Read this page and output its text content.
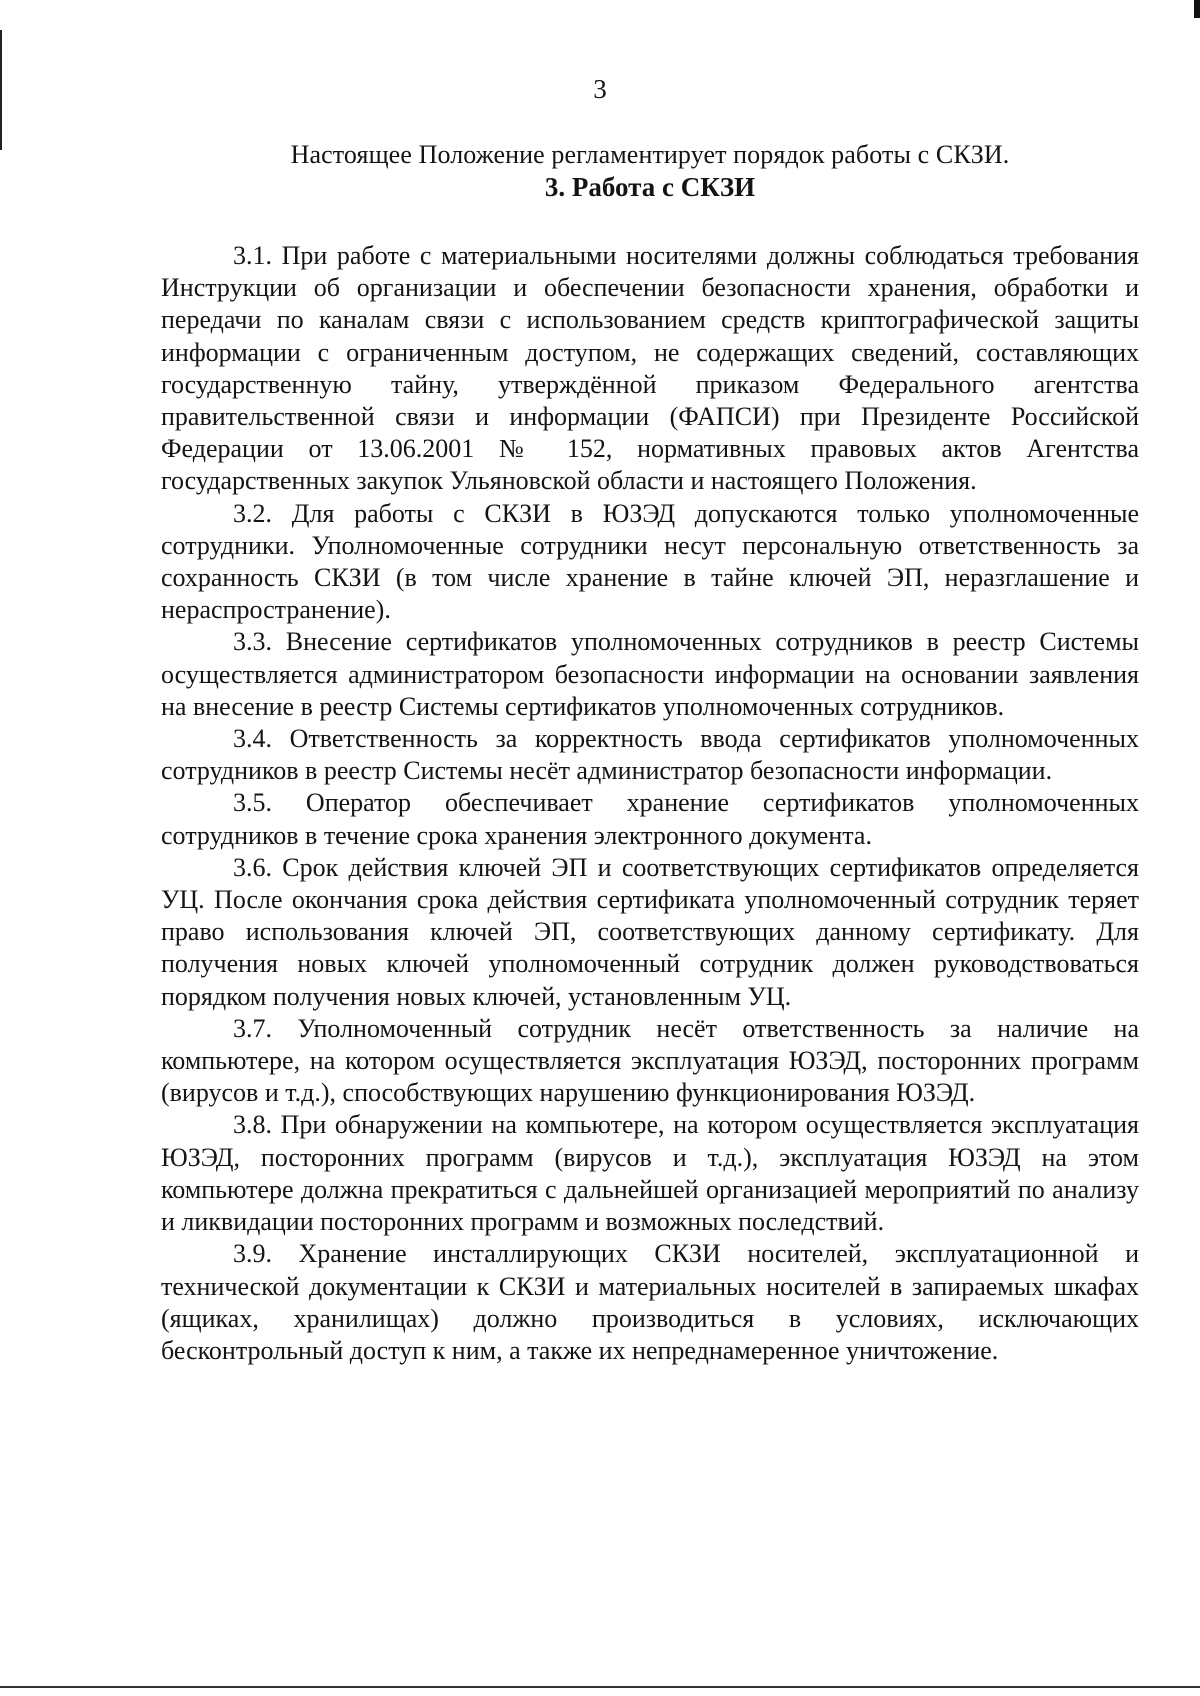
3
Настоящее Положение регламентирует порядок работы с СКЗИ.
3. Работа с СКЗИ

3.1. При работе с материальными носителями должны соблюдаться требования Инструкции об организации и обеспечении безопасности хранения, обработки и передачи по каналам связи с использованием средств криптографической защиты информации с ограниченным доступом, не содержащих сведений, составляющих государственную тайну, утверждённой приказом Федерального агентства правительственной связи и информации (ФАПСИ) при Президенте Российской Федерации от 13.06.2001 № 152, нормативных правовых актов Агентства государственных закупок Ульяновской области и настоящего Положения.

3.2. Для работы с СКЗИ в ЮЗЭД допускаются только уполномоченные сотрудники. Уполномоченные сотрудники несут персональную ответственность за сохранность СКЗИ (в том числе хранение в тайне ключей ЭП, неразглашение и нераспространение).

3.3. Внесение сертификатов уполномоченных сотрудников в реестр Системы осуществляется администратором безопасности информации на основании заявления на внесение в реестр Системы сертификатов уполномоченных сотрудников.

3.4. Ответственность за корректность ввода сертификатов уполномоченных сотрудников в реестр Системы несёт администратор безопасности информации.

3.5. Оператор обеспечивает хранение сертификатов уполномоченных сотрудников в течение срока хранения электронного документа.

3.6. Срок действия ключей ЭП и соответствующих сертификатов определяется УЦ. После окончания срока действия сертификата уполномоченный сотрудник теряет право использования ключей ЭП, соответствующих данному сертификату. Для получения новых ключей уполномоченный сотрудник должен руководствоваться порядком получения новых ключей, установленным УЦ.

3.7. Уполномоченный сотрудник несёт ответственность за наличие на компьютере, на котором осуществляется эксплуатация ЮЗЭД, посторонних программ (вирусов и т.д.), способствующих нарушению функционирования ЮЗЭД.

3.8. При обнаружении на компьютере, на котором осуществляется эксплуатация ЮЗЭД, посторонних программ (вирусов и т.д.), эксплуатация ЮЗЭД на этом компьютере должна прекратиться с дальнейшей организацией мероприятий по анализу и ликвидации посторонних программ и возможных последствий.

3.9. Хранение инсталлирующих СКЗИ носителей, эксплуатационной и технической документации к СКЗИ и материальных носителей в запираемых шкафах (ящиках, хранилищах) должно производиться в условиях, исключающих бесконтрольный доступ к ним, а также их непреднамеренное уничтожение.
